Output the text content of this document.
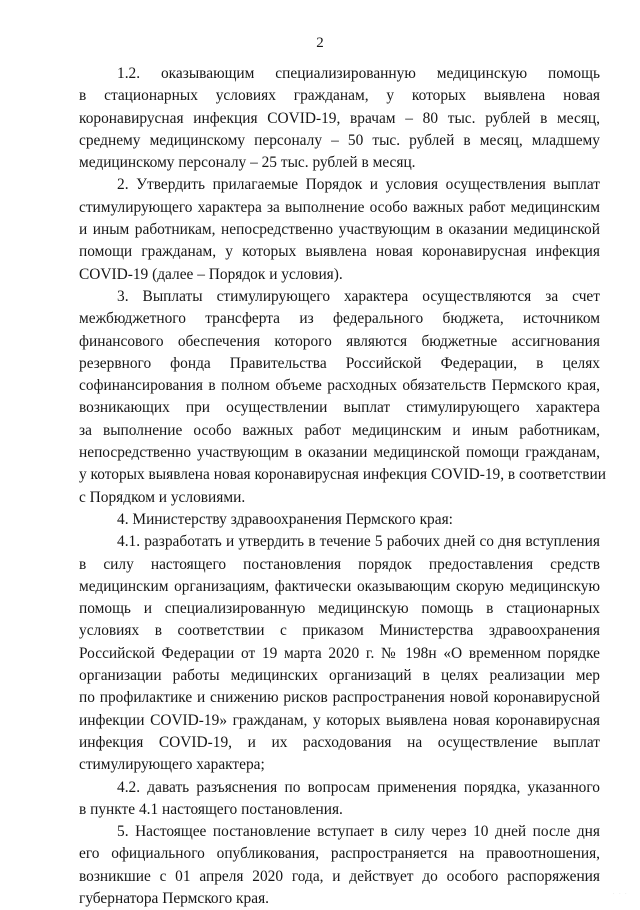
2
1.2. оказывающим специализированную медицинскую помощь
в стационарных условиях гражданам, у которых выявлена новая
коронавирусная инфекция COVID-19, врачам – 80 тыс. рублей в месяц,
среднему медицинскому персоналу – 50 тыс. рублей в месяц, младшему
медицинскому персоналу – 25 тыс. рублей в месяц.
2. Утвердить прилагаемые Порядок и условия осуществления выплат
стимулирующего характера за выполнение особо важных работ медицинским
и иным работникам, непосредственно участвующим в оказании медицинской
помощи гражданам, у которых выявлена новая коронавирусная инфекция
COVID-19 (далее – Порядок и условия).
3. Выплаты стимулирующего характера осуществляются за счет
межбюджетного трансферта из федерального бюджета, источником
финансового обеспечения которого являются бюджетные ассигнования
резервного фонда Правительства Российской Федерации, в целях
софинансирования в полном объеме расходных обязательств Пермского края,
возникающих при осуществлении выплат стимулирующего характера
за выполнение особо важных работ медицинским и иным работникам,
непосредственно участвующим в оказании медицинской помощи гражданам,
у которых выявлена новая коронавирусная инфекция COVID-19, в соответствии
с Порядком и условиями.
4. Министерству здравоохранения Пермского края:
4.1. разработать и утвердить в течение 5 рабочих дней со дня вступления
в силу настоящего постановления порядок предоставления средств
медицинским организациям, фактически оказывающим скорую медицинскую
помощь и специализированную медицинскую помощь в стационарных
условиях в соответствии с приказом Министерства здравоохранения
Российской Федерации от 19 марта 2020 г. № 198н «О временном порядке
организации работы медицинских организаций в целях реализации мер
по профилактике и снижению рисков распространения новой коронавирусной
инфекции COVID-19» гражданам, у которых выявлена новая коронавирусная
инфекция COVID-19, и их расходования на осуществление выплат
стимулирующего характера;
4.2. давать разъяснения по вопросам применения порядка, указанного
в пункте 4.1 настоящего постановления.
5. Настоящее постановление вступает в силу через 10 дней после дня
его официального опубликования, распространяется на правоотношения,
возникшие с 01 апреля 2020 года, и действует до особого распоряжения
губернатора Пермского края.	· · ·
